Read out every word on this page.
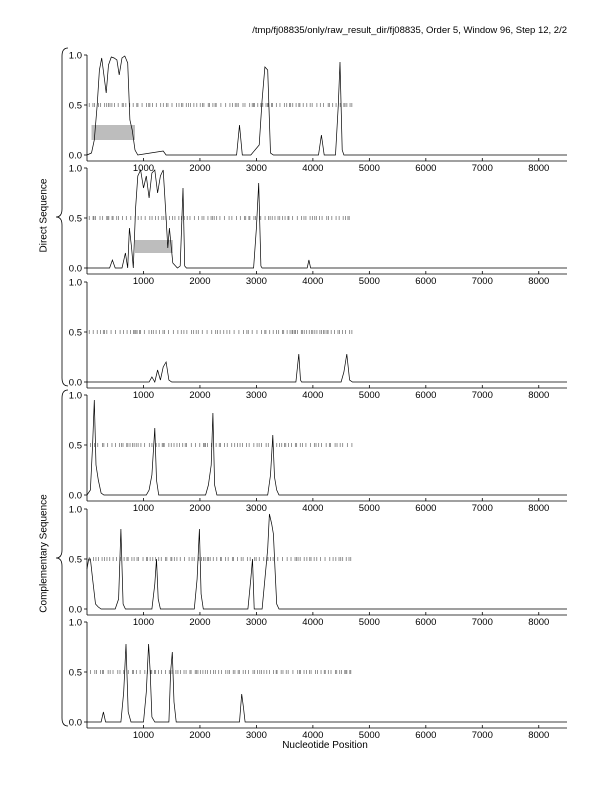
/tmp/fj08835/only/raw_result_dir/fj08835, Order 5, Window 96, Step 12, 2/2
0.0
0.5
1.0
1000	2000	3000	4000	5000	6000	7000	8000
0.0
0.5
1.0
1000	2000	3000	4000	5000	6000	7000	8000
0.0
0.5
1.0
1000	2000	3000	4000	5000	6000	7000	8000
0.0
0.5
1.0
1000	2000	3000	4000	5000	6000	7000	8000
0.0
0.5
1.0
1000	2000	3000	4000	5000	6000	7000	8000
0.0
0.5
1.0
1000	2000	3000	4000	5000	6000	7000	8000
Direct Sequence
Complementary Sequence
Nucleotide Position
